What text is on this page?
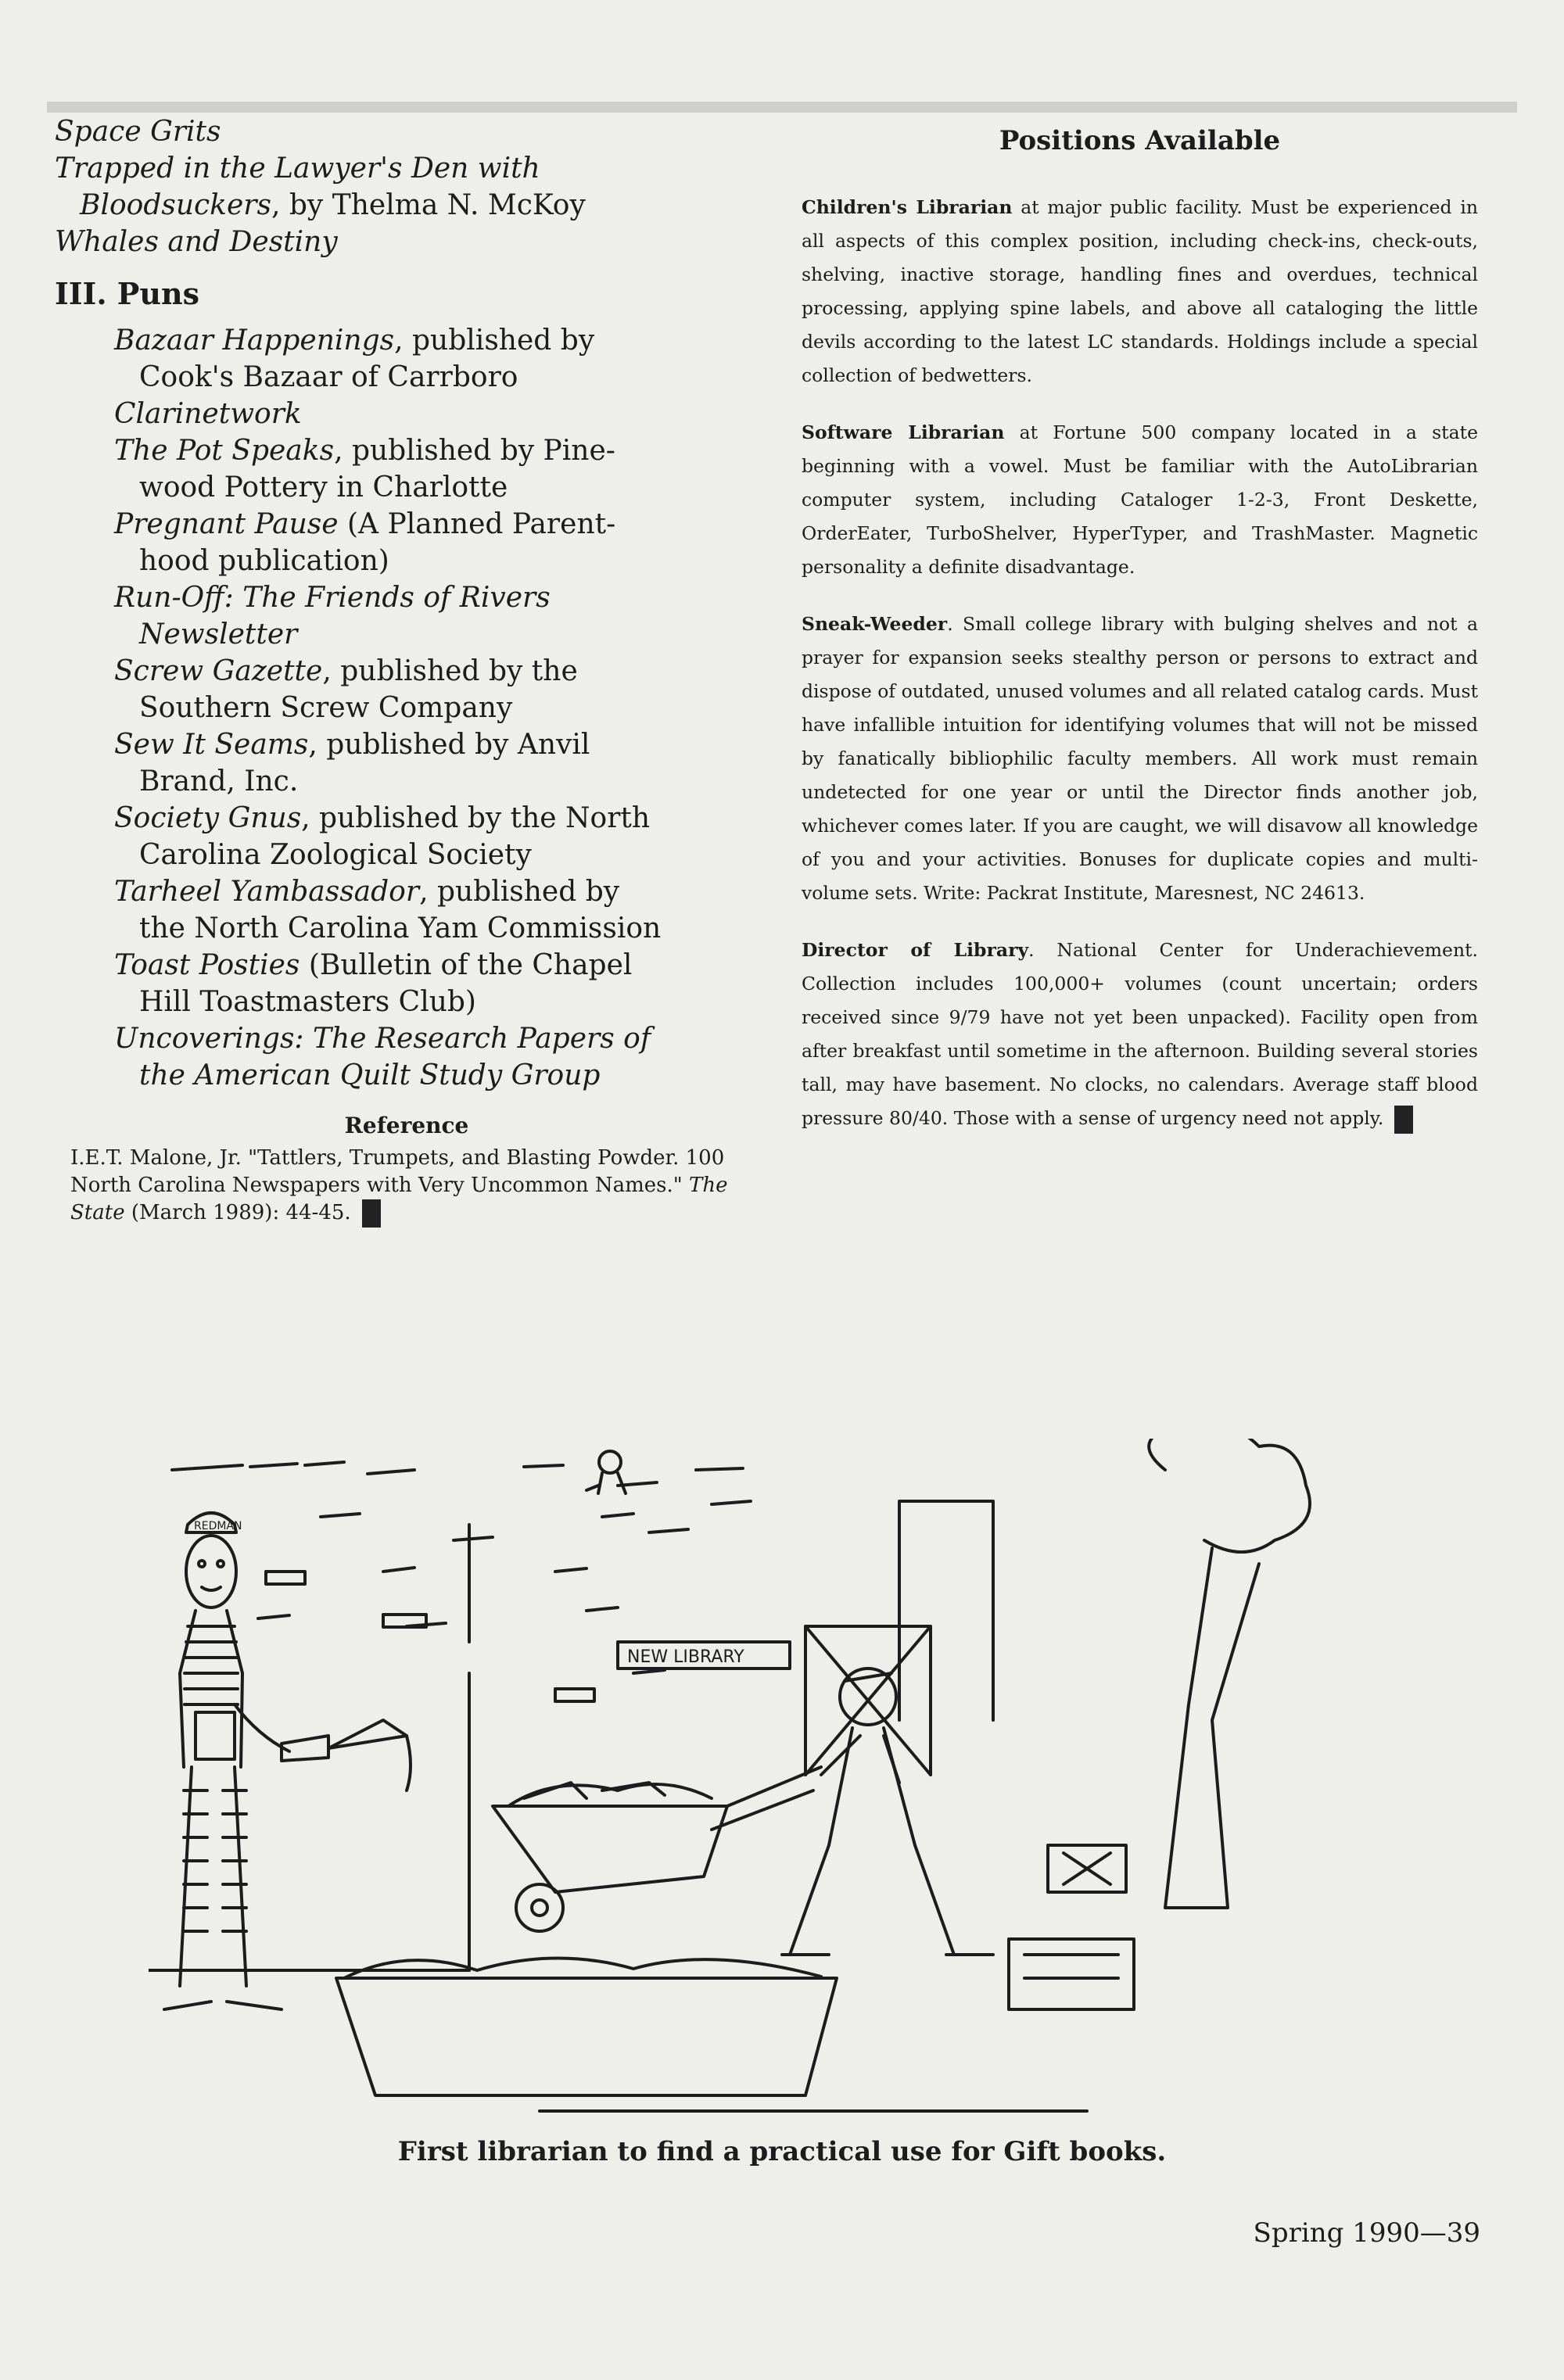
Space Grits

Trapped in the Lawyer's Den with

Bloodsuckers, by Thelma N. McKoy

Whales and Destiny

III. Puns

Bazaar Happenings, published by

Cook's Bazaar of Carrboro

Clarinetwork

The Pot Speaks, published by Pine-

wood Pottery in Charlotte

Pregnant Pause (A Planned Parent-

hood publication)

Run-Off: The Friends of Rivers

Newsletter

Screw Gazette, published by the

Southern Screw Company

Sew It Seams, published by Anvil

Brand, Inc.

Society Gnus, published by the North

Carolina Zoological Society

Tarheel Yambassador, published by

the North Carolina Yam Commission

Toast Posties (Bulletin of the Chapel

Hill Toastmasters Club)

Uncoverings: The Research Papers of

the American Quilt Study Group

Reference

I.E.T. Malone, Jr. "Tattlers, Trumpets, and Blasting Powder. 100 North Carolina Newspapers with Very Uncommon Names." The State (March 1989): 44-45.

Positions Available

Children's Librarian at major public facility. Must be experienced in all aspects of this complex position, including check-ins, check-outs, shelving, inactive storage, handling fines and overdues, technical processing, applying spine labels, and above all cataloging the little devils according to the latest LC standards. Holdings include a special collection of bedwetters.

Software Librarian at Fortune 500 company located in a state beginning with a vowel. Must be familiar with the AutoLibrarian computer system, including Cataloger 1-2-3, Front Deskette, OrderEater, TurboShelver, HyperTyper, and TrashMaster. Magnetic personality a definite disadvantage.

Sneak-Weeder. Small college library with bulging shelves and not a prayer for expansion seeks stealthy person or persons to extract and dispose of outdated, unused volumes and all related catalog cards. Must have infallible intuition for identifying volumes that will not be missed by fanatically bibliophilic faculty members. All work must remain undetected for one year or until the Director finds another job, whichever comes later. If you are caught, we will disavow all knowledge of you and your activities. Bonuses for duplicate copies and multi-volume sets. Write: Packrat Institute, Maresnest, NC 24613.

Director of Library. National Center for Underachievement. Collection includes 100,000+ volumes (count uncertain; orders received since 9/79 have not yet been unpacked). Facility open from after breakfast until sometime in the afternoon. Building several stories tall, may have basement. No clocks, no calendars. Average staff blood pressure 80/40. Those with a sense of urgency need not apply.

REDMAN
NEW LIBRARY
First librarian to find a practical use for Gift books.
Spring 1990—39
